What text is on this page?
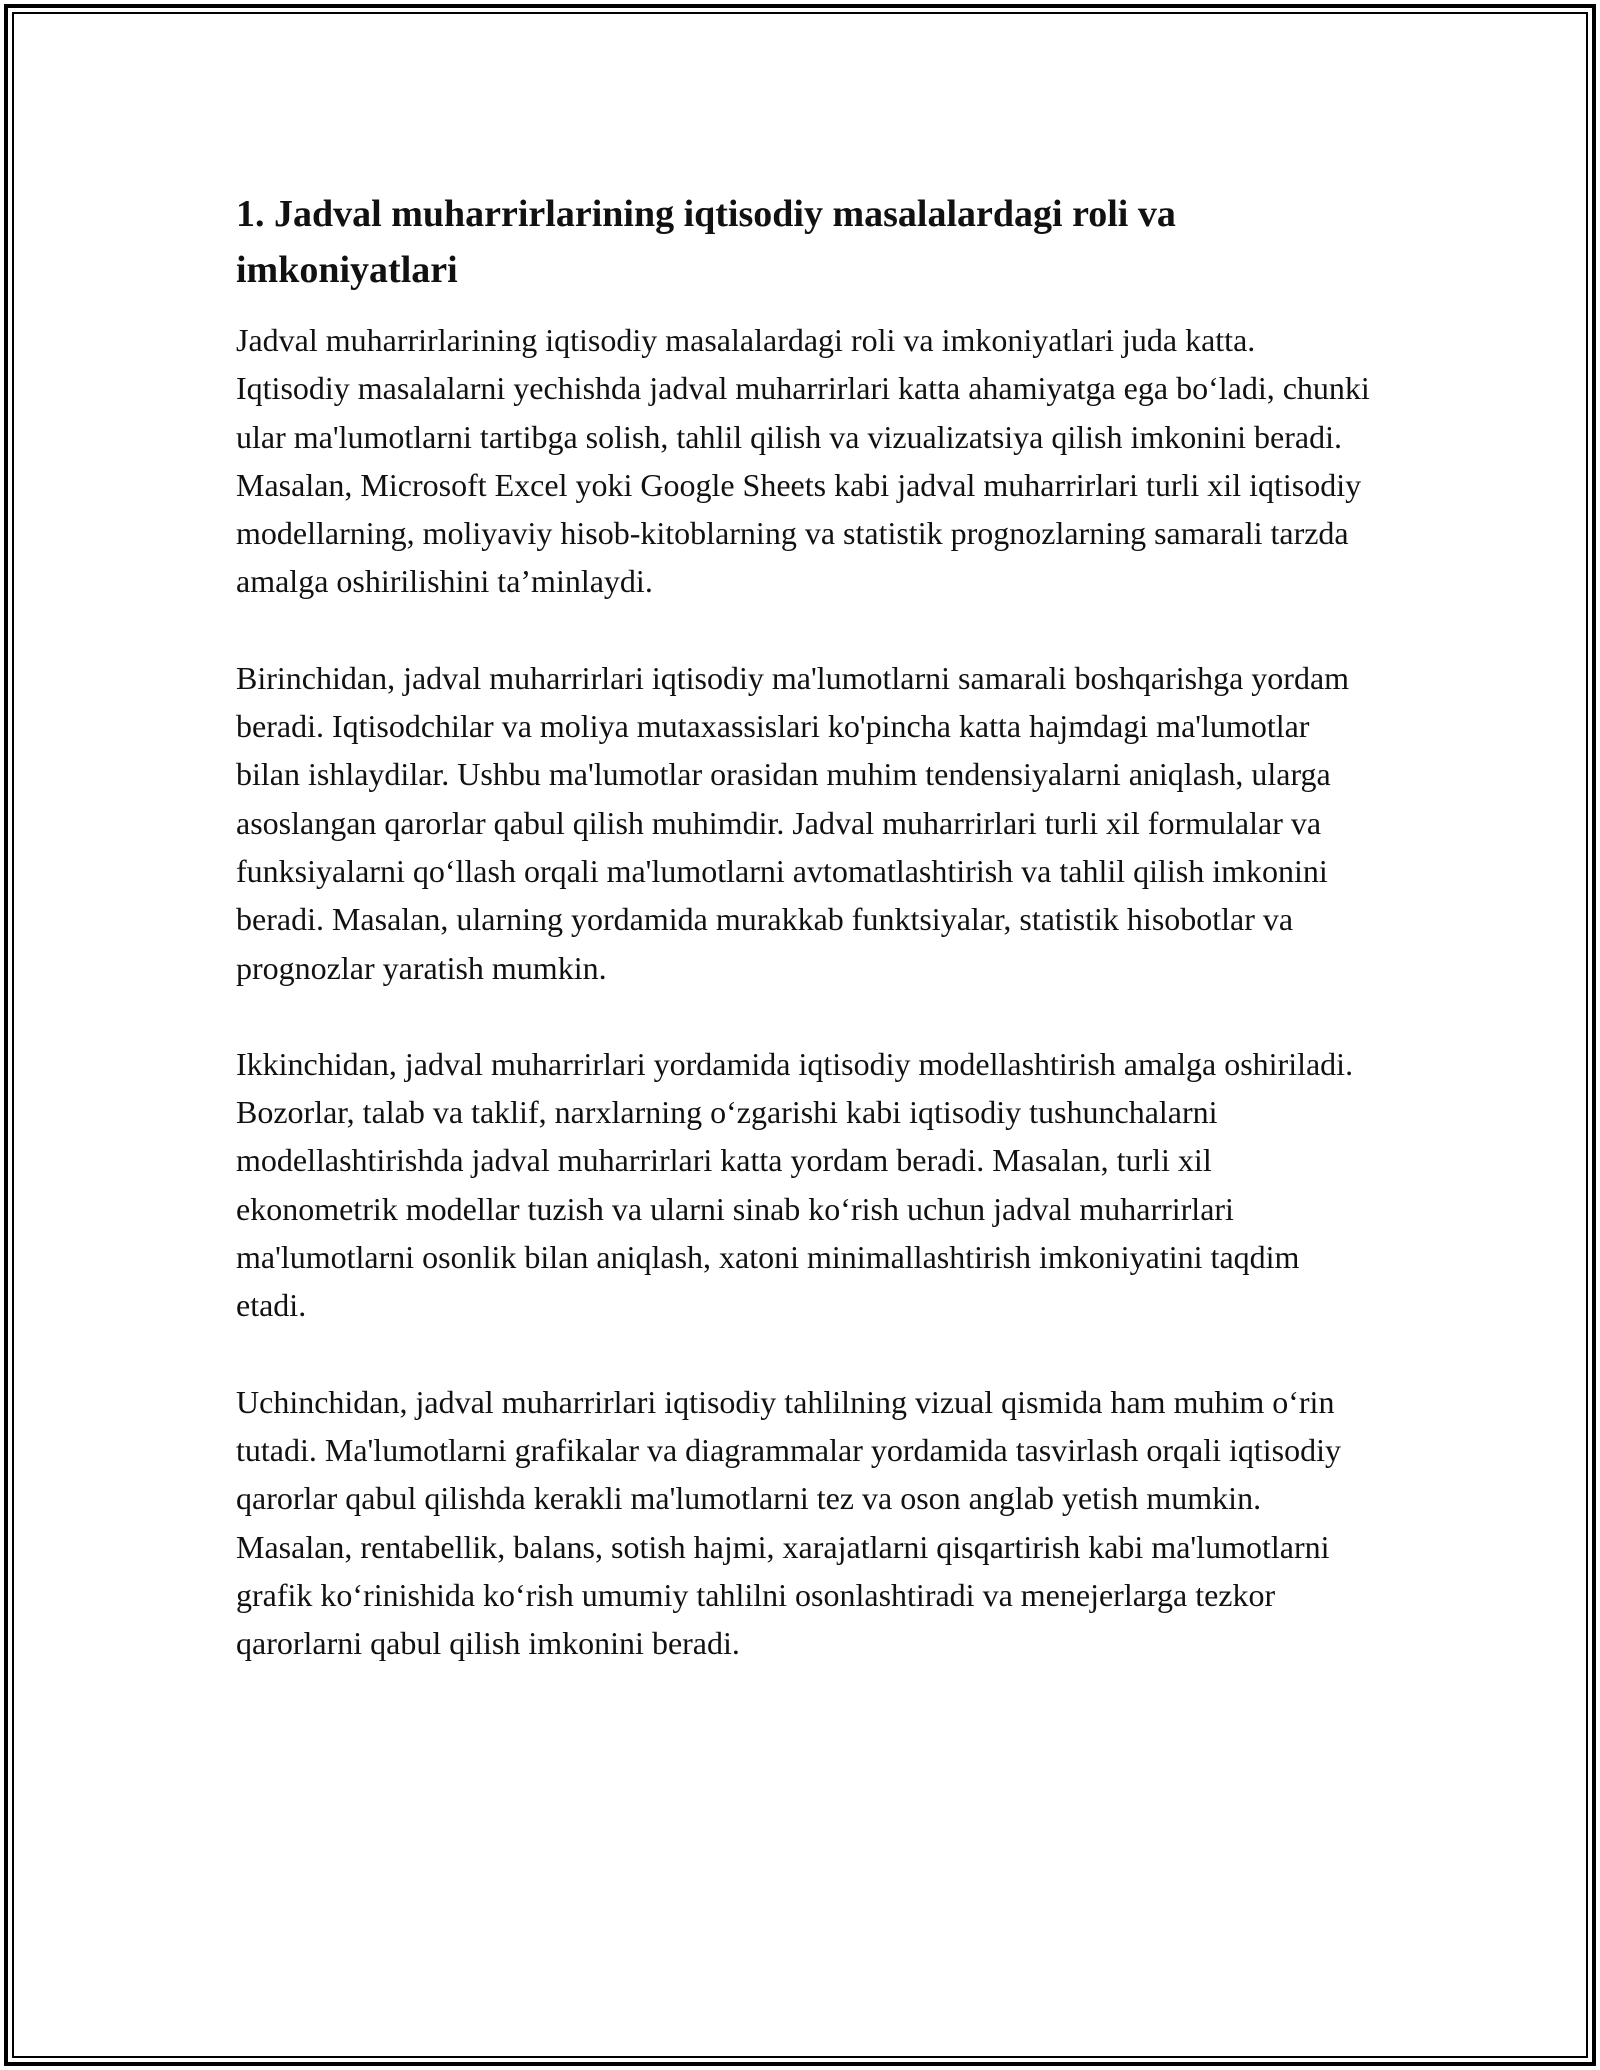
1. Jadval muharrirlarining iqtisodiy masalalardagi roli va imkoniyatlari

Jadval muharrirlarining iqtisodiy masalalardagi roli va imkoniyatlari juda katta. Iqtisodiy masalalarni yechishda jadval muharrirlari katta ahamiyatga ega bo‘ladi, chunki ular ma'lumotlarni tartibga solish, tahlil qilish va vizualizatsiya qilish imkonini beradi. Masalan, Microsoft Excel yoki Google Sheets kabi jadval muharrirlari turli xil iqtisodiy modellarning, moliyaviy hisob-kitoblarning va statistik prognozlarning samarali tarzda amalga oshirilishini ta’minlaydi.

Birinchidan, jadval muharrirlari iqtisodiy ma'lumotlarni samarali boshqarishga yordam beradi. Iqtisodchilar va moliya mutaxassislari ko'pincha katta hajmdagi ma'lumotlar bilan ishlaydilar. Ushbu ma'lumotlar orasidan muhim tendensiyalarni aniqlash, ularga asoslangan qarorlar qabul qilish muhimdir. Jadval muharrirlari turli xil formulalar va funksiyalarni qo‘llash orqali ma'lumotlarni avtomatlashtirish va tahlil qilish imkonini beradi. Masalan, ularning yordamida murakkab funktsiyalar, statistik hisobotlar va prognozlar yaratish mumkin.

Ikkinchidan, jadval muharrirlari yordamida iqtisodiy modellashtirish amalga oshiriladi. Bozorlar, talab va taklif, narxlarning o‘zgarishi kabi iqtisodiy tushunchalarni modellashtirishda jadval muharrirlari katta yordam beradi. Masalan, turli xil ekonometrik modellar tuzish va ularni sinab ko‘rish uchun jadval muharrirlari ma'lumotlarni osonlik bilan aniqlash, xatoni minimallashtirish imkoniyatini taqdim etadi.

Uchinchidan, jadval muharrirlari iqtisodiy tahlilning vizual qismida ham muhim o‘rin tutadi. Ma'lumotlarni grafikalar va diagrammalar yordamida tasvirlash orqali iqtisodiy qarorlar qabul qilishda kerakli ma'lumotlarni tez va oson anglab yetish mumkin. Masalan, rentabellik, balans, sotish hajmi, xarajatlarni qisqartirish kabi ma'lumotlarni grafik ko‘rinishida ko‘rish umumiy tahlilni osonlashtiradi va menejerlarga tezkor qarorlarni qabul qilish imkonini beradi.
